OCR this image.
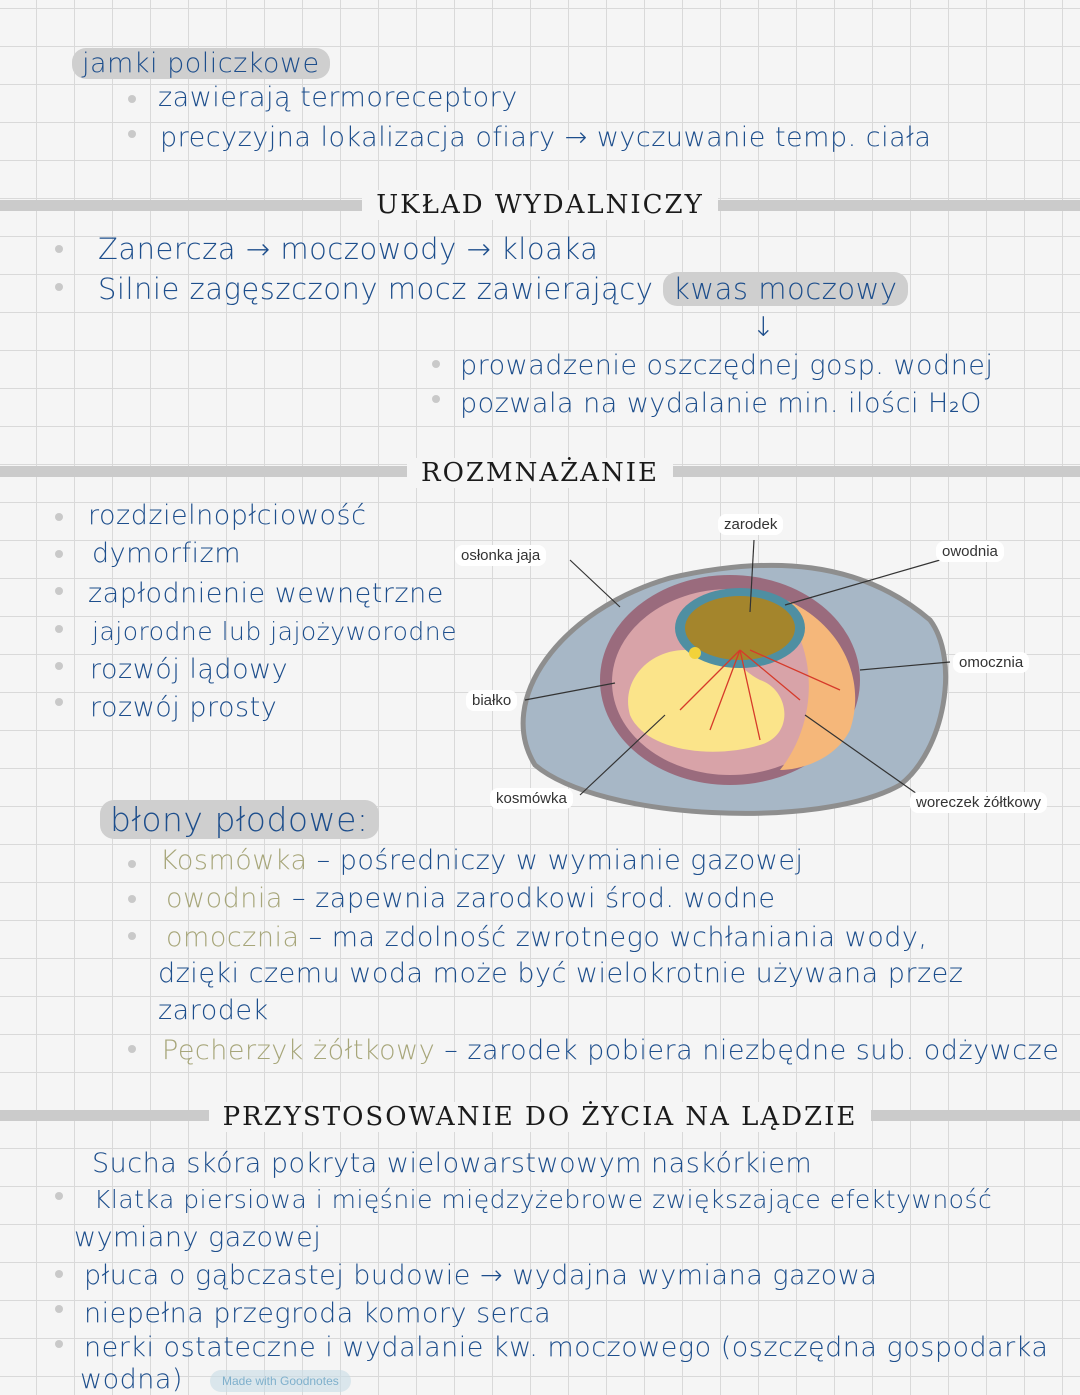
jamki policzkowe
zawierają termoreceptory
precyzyjna lokalizacja ofiary → wyczuwanie temp. ciała
UKŁAD WYDALNICZY
Zanercza → moczowody → kloaka
Silnie zagęszczony mocz zawierający kwas moczowy
↓
prowadzenie oszczędnej gosp. wodnej
pozwala na wydalanie min. ilości H₂O
ROZMNAŻANIE
rozdzielnopłciowość
dymorfizm
zapłodnienie wewnętrzne
jajorodne lub jajożyworodne
rozwój lądowy
rozwój prosty
zarodek
osłonka jaja	owodnia
omocznia
białko
kosmówka	woreczek żółtkowy
błony płodowe:
Kosmówka – pośredniczy w wymianie gazowej
owodnia – zapewnia zarodkowi środ. wodne
omocznia – ma zdolność zwrotnego wchłaniania wody,
dzięki czemu woda może być wielokrotnie używana przez
zarodek
Pęcherzyk żółtkowy – zarodek pobiera niezbędne sub. odżywcze
PRZYSTOSOWANIE DO ŻYCIA NA LĄDZIE
Sucha skóra pokryta wielowarstwowym naskórkiem
Klatka piersiowa i mięśnie międzyżebrowe zwiększające efektywność
wymiany gazowej
płuca o gąbczastej budowie → wydajna wymiana gazowa
niepełna przegroda komory serca
nerki ostateczne i wydalanie kw. moczowego (oszczędna gospodarka
wodna)	Made with Goodnotes
